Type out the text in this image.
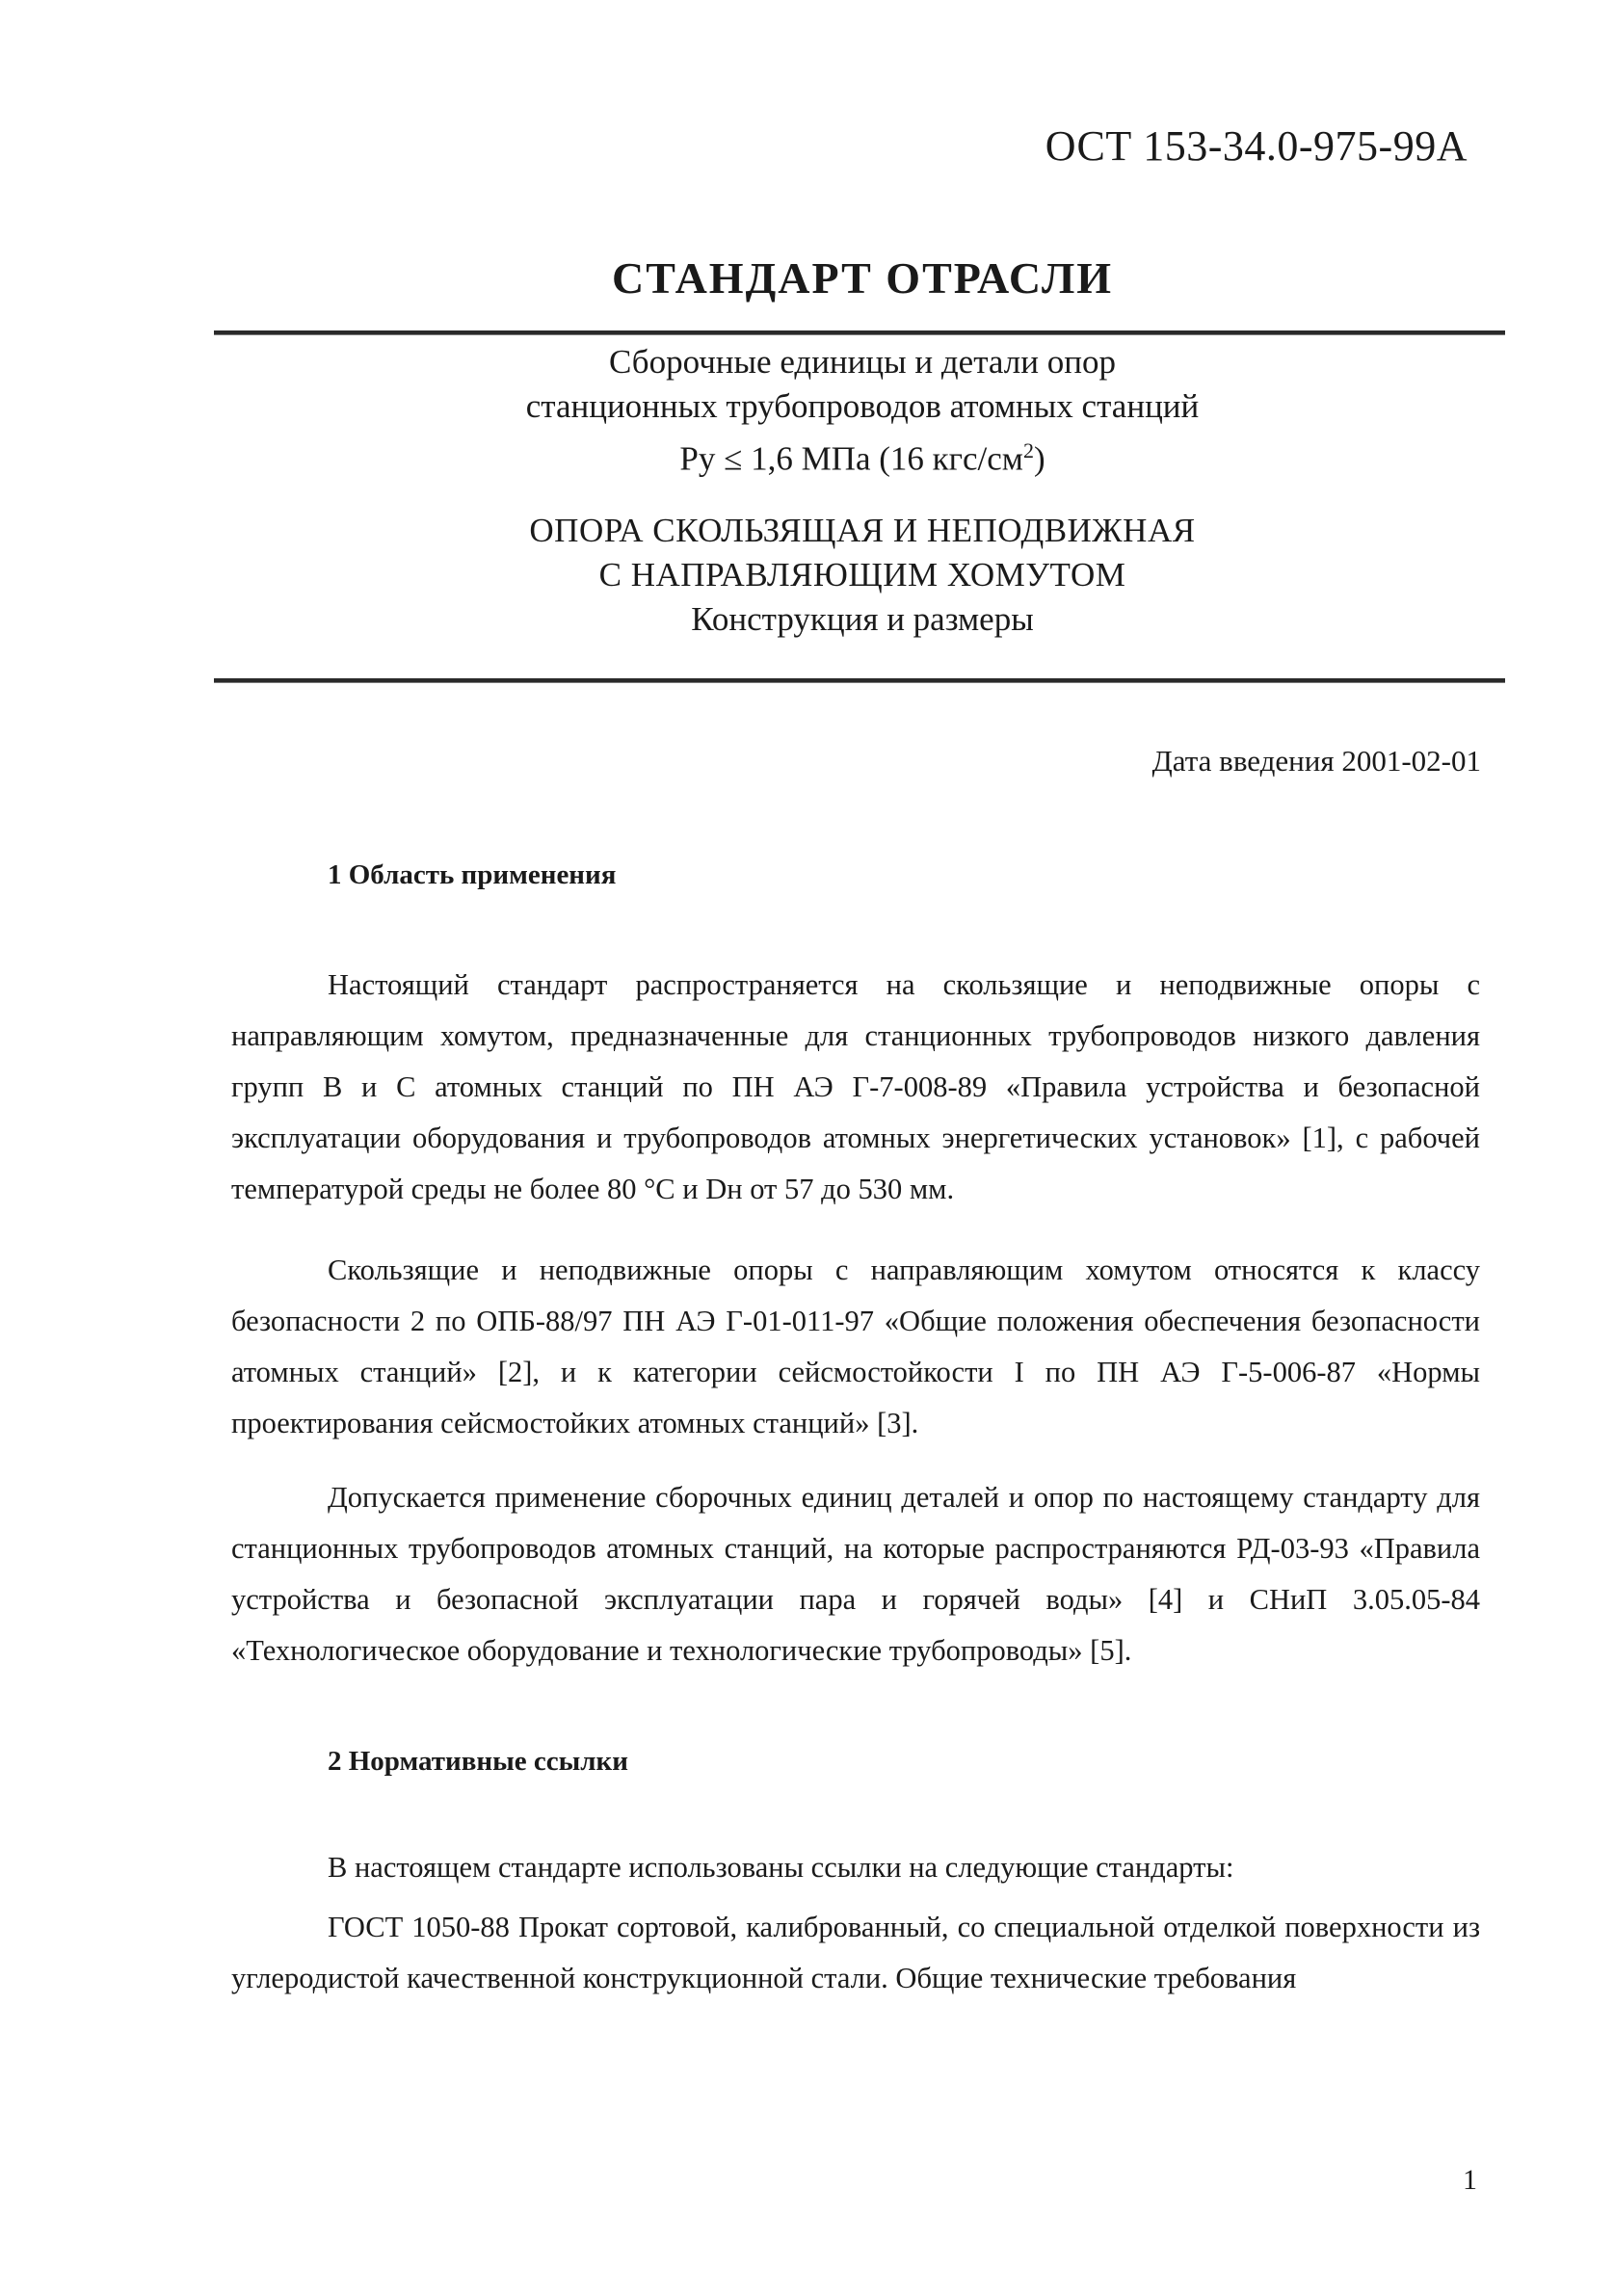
ОСТ 153-34.0-975-99А
СТАНДАРТ ОТРАСЛИ
Сборочные единицы и детали опор
станционных трубопроводов атомных станций
Ру ≤ 1,6 МПа (16 кгс/$см^2$)
ОПОРА СКОЛЬЗЯЩАЯ И НЕПОДВИЖНАЯ
С НАПРАВЛЯЮЩИМ ХОМУТОМ
Конструкция и размеры
Дата введения 2001-02-01
1 Область применения
Настоящий стандарт распространяется на скользящие и неподвижные опоры с направляющим хомутом, предназначенные для станционных трубопроводов низкого давления групп В и С атомных станций по ПН АЭ Г-7-008-89 «Правила устройства и безопасной эксплуатации оборудования и трубопроводов атомных энергетических установок» [1], с рабочей температурой среды не более 80 °С и Dн от 57 до 530 мм.
Скользящие и неподвижные опоры с направляющим хомутом относятся к классу безопасности 2 по ОПБ-88/97 ПН АЭ Г-01-011-97 «Общие положения обеспечения безопасности атомных станций» [2], и к категории сейсмостойкости I по ПН АЭ Г-5-006-87 «Нормы проектирования сейсмостойких атомных станций» [3].
Допускается применение сборочных единиц деталей и опор по настоящему стандарту для станционных трубопроводов атомных станций, на которые распространяются РД-03-93 «Правила устройства и безопасной эксплуатации пара и горячей воды» [4] и СНиП 3.05.05-84 «Технологическое оборудование и технологические трубопроводы» [5].
2 Нормативные ссылки
В настоящем стандарте использованы ссылки на следующие стандарты:
ГОСТ 1050-88 Прокат сортовой, калиброванный, со специальной отделкой поверхности из углеродистой качественной конструкционной стали. Общие технические требования
1
